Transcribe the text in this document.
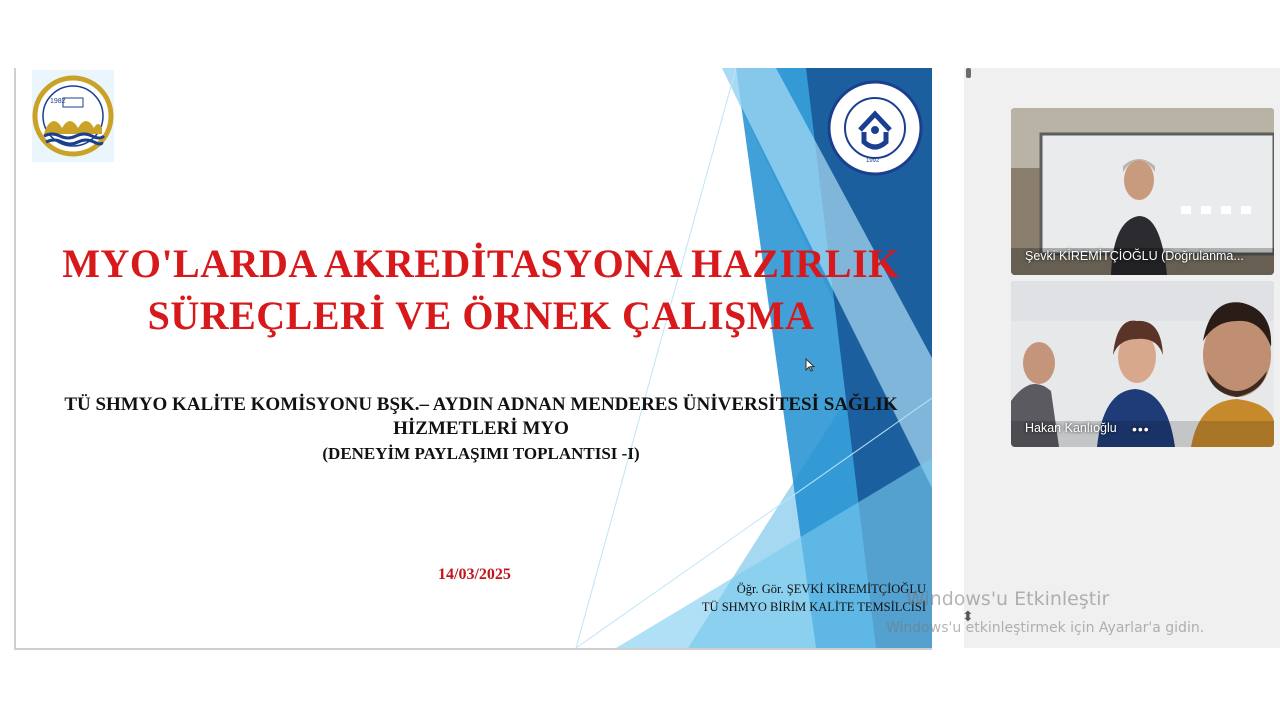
1982
1992
MYO'LARDA AKREDİTASYONA HAZIRLIK
SÜREÇLERİ VE ÖRNEK ÇALIŞMA
TÜ SHMYO KALİTE KOMİSYONU BŞK.– AYDIN ADNAN MENDERES ÜNİVERSİTESİ SAĞLIK
HİZMETLERİ MYO
(DENEYİM PAYLAŞIMI TOPLANTISI -I)
14/03/2025
Öğr. Gör. ŞEVKİ KİREMİTÇİOĞLU
TÜ SHMYO BİRİM KALİTE TEMSİLCİSİ
Şevki KİREMİTÇİOĞLU (Doğrulanma...
Hakan Kanlıoğlu •••
Windows'u Etkinleştir
Windows'u etkinleştirmek için Ayarlar'a gidin.
⬍
